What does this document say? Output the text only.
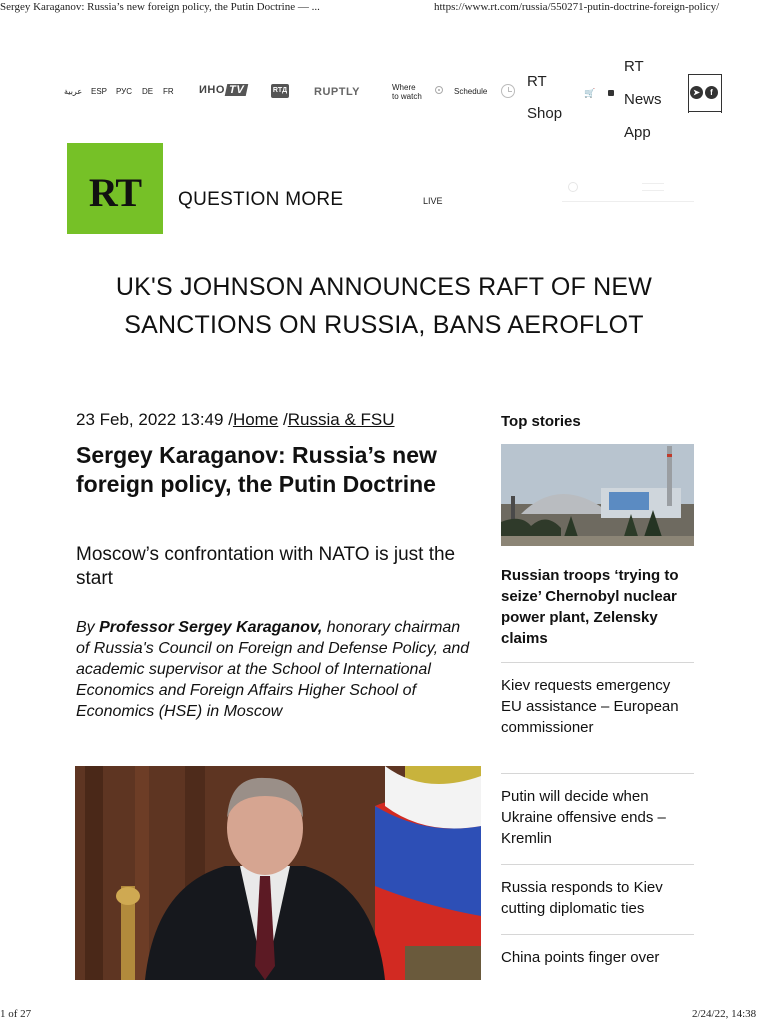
Sergey Karaganov: Russia’s new foreign policy, the Putin Doctrine — ...	https://www.rt.com/russia/550271-putin-doctrine-foreign-policy/
عربية ESP РУС DE FR ИНО TV	RTД RUPTLY	Where
to watch
Schedule
RT
Shop
🛒
RT
News
App
➤	f
RT	QUESTION MORE	LIVE
UK'S JOHNSON ANNOUNCES RAFT OF NEW SANCTIONS ON RUSSIA, BANS AEROFLOT
23 Feb, 2022 13:49 /Home /Russia & FSU
Sergey Karaganov: Russia’s new foreign policy, the Putin Doctrine

Moscow’s confrontation with NATO is just the start

By Professor Sergey Karaganov, honorary chairman of Russia's Council on Foreign and Defense Policy, and academic supervisor at the School of International Economics and Foreign Affairs Higher School of Economics (HSE) in Moscow

Top stories
Russian troops ‘trying to seize’ Chernobyl nuclear power plant, Zelensky claims
Kiev requests emergency EU assistance – European commissioner
Putin will decide when Ukraine offensive ends – Kremlin
Russia responds to Kiev cutting diplomatic ties
China points finger over
1 of 27	2/24/22, 14:38
